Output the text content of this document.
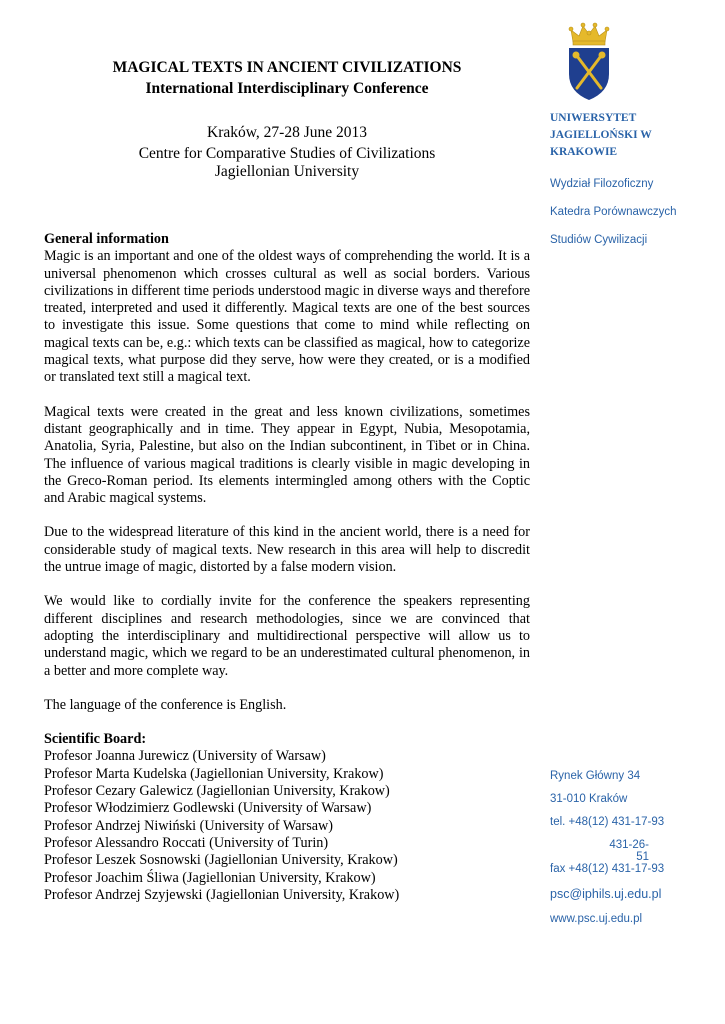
MAGICAL TEXTS IN ANCIENT CIVILIZATIONS
International Interdisciplinary Conference
Kraków, 27-28 June 2013
Centre for Comparative Studies of Civilizations
Jagiellonian University
UNIWERSYTET
JAGIELLOŃSKI W
KRAKOWIE
Wydział Filozoficzny
Katedra Porównawczych
Studiów Cywilizacji
General information

Magic is an important and one of the oldest ways of comprehending the world. It is a universal phenomenon which crosses cultural as well as social borders. Various civilizations in different time periods understood magic in diverse ways and therefore treated, interpreted and used it differently. Magical texts are one of the best sources to investigate this issue. Some questions that come to mind while reflecting on magical texts can be, e.g.: which texts can be classified as magical, how to categorize magical texts, what purpose did they serve, how were they created, or is a modified or translated text still a magical text.

Magical texts were created in the great and less known civilizations, sometimes distant geographically and in time. They appear in Egypt, Nubia, Mesopotamia, Anatolia, Syria, Palestine, but also on the Indian subcontinent, in Tibet or in China. The influence of various magical traditions is clearly visible in magic developing in the Greco-Roman period. Its elements intermingled among others with the Coptic and Arabic magical systems.

Due to the widespread literature of this kind in the ancient world, there is a need for considerable study of magical texts. New research in this area will help to discredit the untrue image of magic, distorted by a false modern vision.

We would like to cordially invite for the conference the speakers representing different disciplines and research methodologies, since we are convinced that adopting the interdisciplinary and multidirectional perspective will allow us to understand magic, which we regard to be an underestimated cultural phenomenon, in a better and more complete way.

The language of the conference is English.

Scientific Board:
Profesor Joanna Jurewicz (University of Warsaw)
Profesor Marta Kudelska (Jagiellonian University, Krakow)
Profesor Cezary Galewicz (Jagiellonian University, Krakow)
Profesor Włodzimierz Godlewski (University of Warsaw)
Profesor Andrzej Niwiński (University of Warsaw)
Profesor Alessandro Roccati (University of Turin)
Profesor Leszek Sosnowski (Jagiellonian University, Krakow)
Profesor Joachim Śliwa (Jagiellonian University, Krakow)
Profesor Andrzej Szyjewski (Jagiellonian University, Krakow)
Rynek Główny 34
31-010 Kraków
tel. +48(12) 431-17-93
431-26-51
fax +48(12) 431-17-93
psc@iphils.uj.edu.pl
www.psc.uj.edu.pl
